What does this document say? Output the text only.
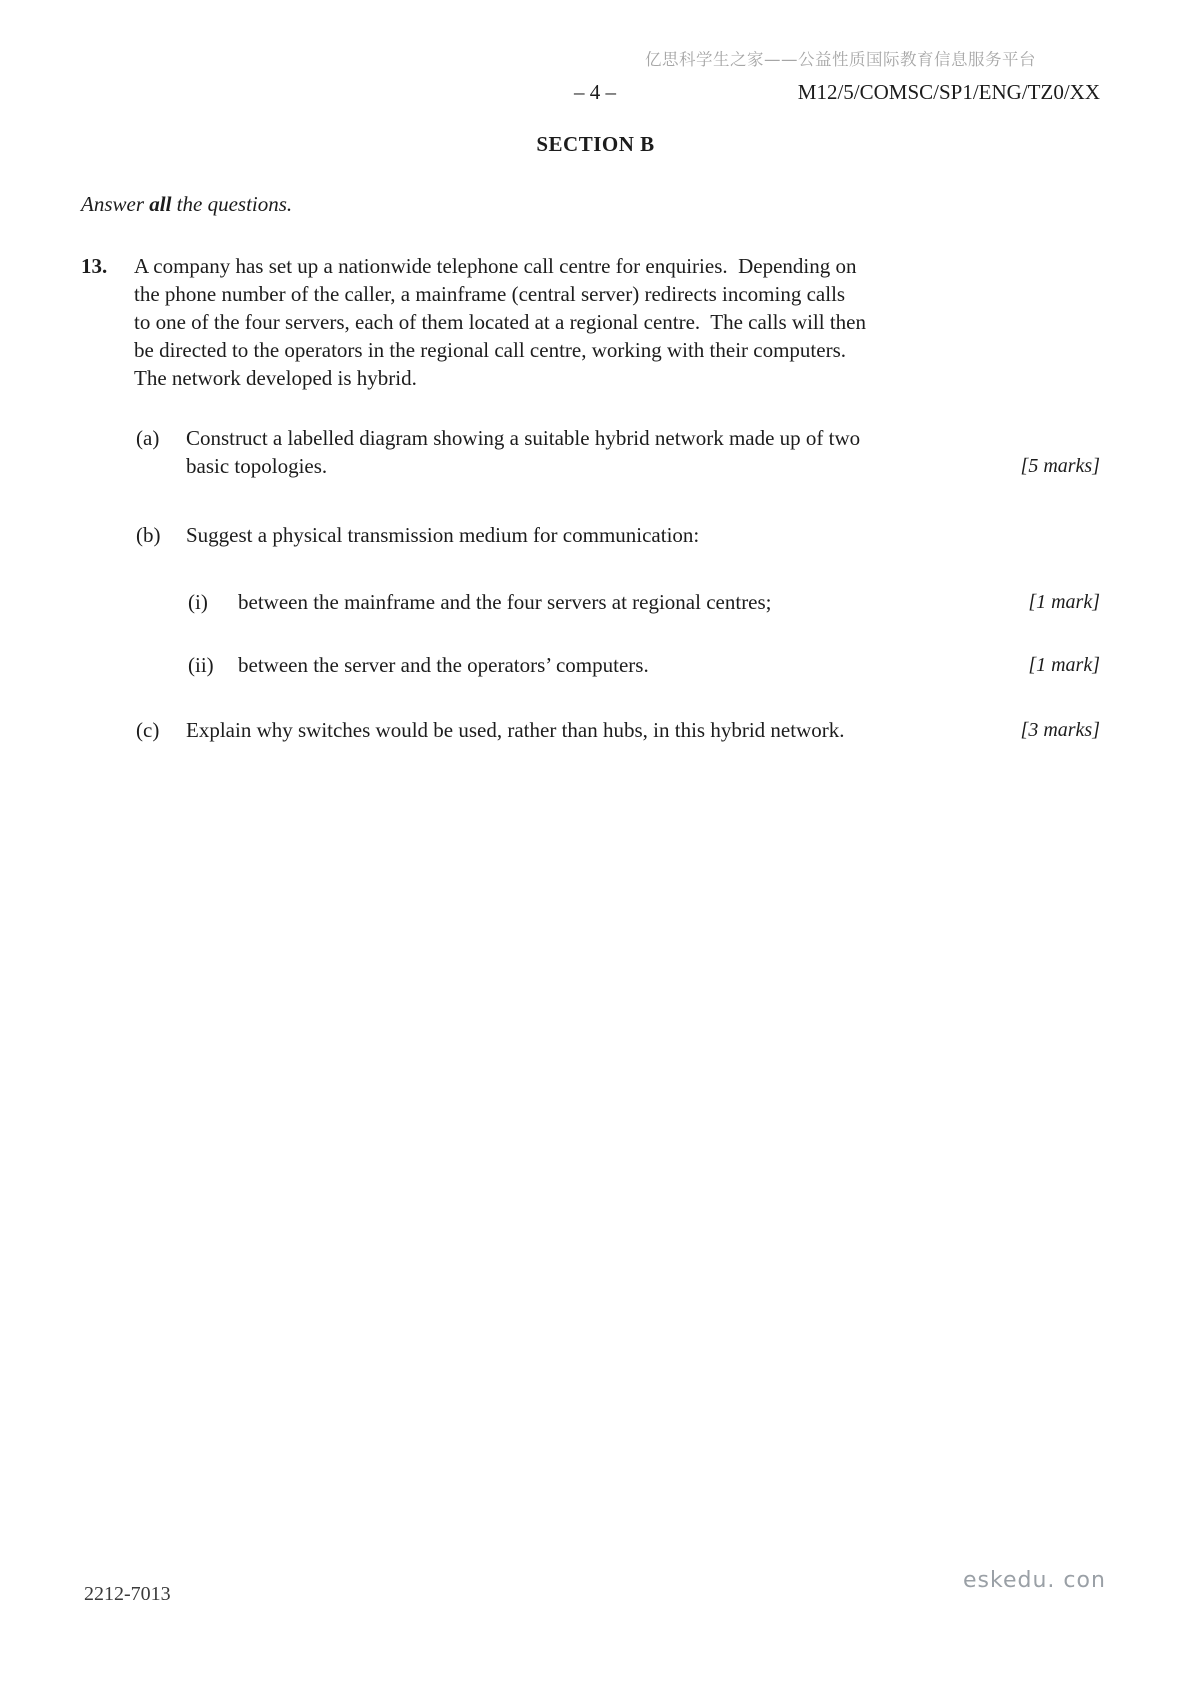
亿思科学生之家——公益性质国际教育信息服务平台
– 4 –	M12/5/COMSC/SP1/ENG/TZ0/XX
SECTION B
Answer all the questions.
13. A company has set up a nationwide telephone call centre for enquiries.  Depending on
the phone number of the caller, a mainframe (central server) redirects incoming calls
to one of the four servers, each of them located at a regional centre.  The calls will then
be directed to the operators in the regional call centre, working with their computers.
The network developed is hybrid.
(a) Construct a labelled diagram showing a suitable hybrid network made up of two
basic topologies.	[5 marks]
(b) Suggest a physical transmission medium for communication:
(i) between the mainframe and the four servers at regional centres;	[1 mark]
(ii) between the server and the operators’ computers.	[1 mark]
(c) Explain why switches would be used, rather than hubs, in this hybrid network.	[3 marks]
eskedu. con
2212-7013
